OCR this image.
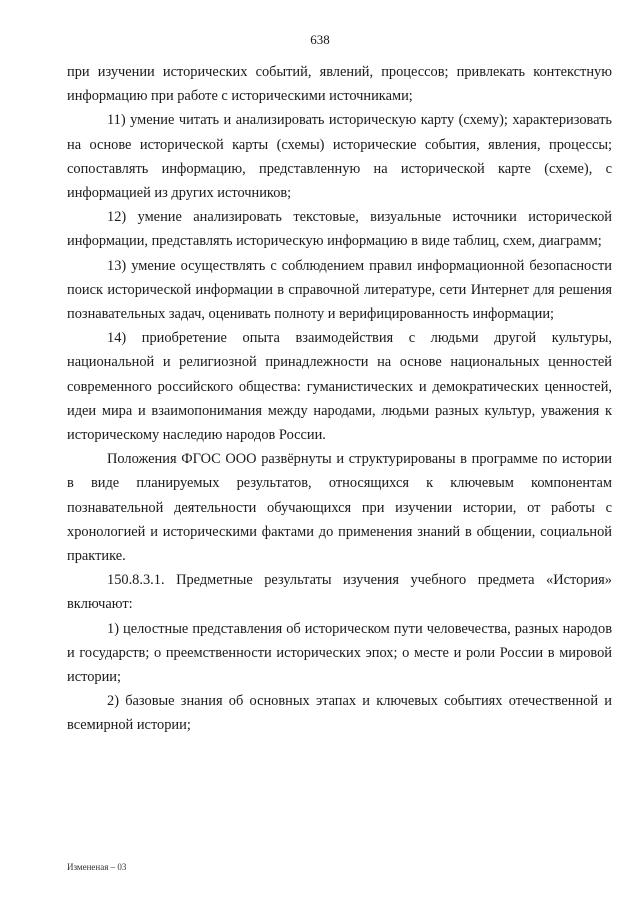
638

при изучении исторических событий, явлений, процессов; привлекать контекстную информацию при работе с историческими источниками;

11) умение читать и анализировать историческую карту (схему); характеризовать на основе исторической карты (схемы) исторические события, явления, процессы; сопоставлять информацию, представленную на исторической карте (схеме), с информацией из других источников;

12) умение анализировать текстовые, визуальные источники исторической информации, представлять историческую информацию в виде таблиц, схем, диаграмм;

13) умение осуществлять с соблюдением правил информационной безопасности поиск исторической информации в справочной литературе, сети Интернет для решения познавательных задач, оценивать полноту и верифицированность информации;

14) приобретение опыта взаимодействия с людьми другой культуры, национальной и религиозной принадлежности на основе национальных ценностей современного российского общества: гуманистических и демократических ценностей, идеи мира и взаимопонимания между народами, людьми разных культур, уважения к историческому наследию народов России.

Положения ФГОС ООО развёрнуты и структурированы в программе по истории в виде планируемых результатов, относящихся к ключевым компонентам познавательной деятельности обучающихся при изучении истории, от работы с хронологией и историческими фактами до применения знаний в общении, социальной практике.

150.8.3.1. Предметные результаты изучения учебного предмета «История» включают:

1) целостные представления об историческом пути человечества, разных народов и государств; о преемственности исторических эпох; о месте и роли России в мировой истории;

2) базовые знания об основных этапах и ключевых событиях отечественной и всемирной истории;

Измененая – 03
